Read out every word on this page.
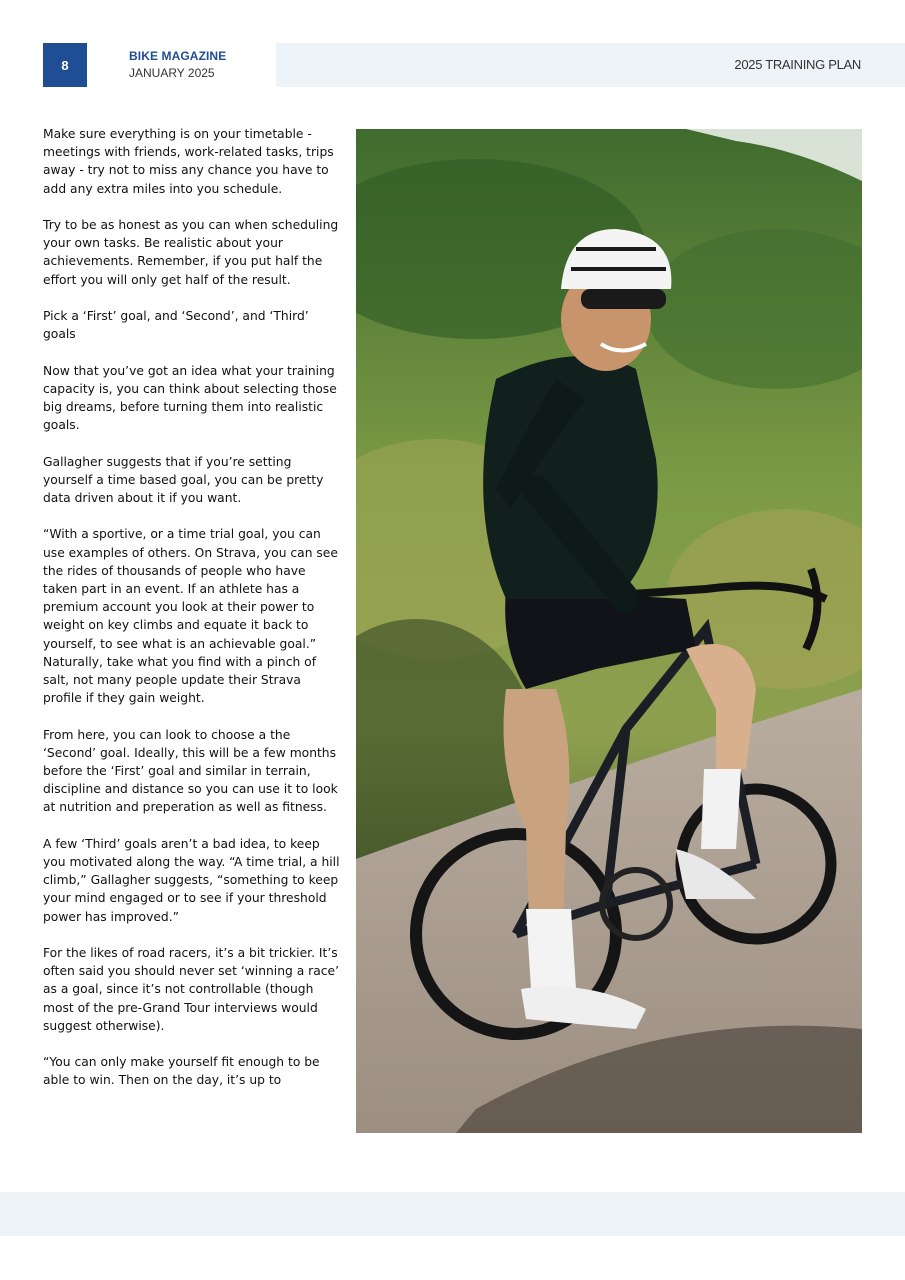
8
BIKE MAGAZINE
JANUARY 2025
2025 TRAINING PLAN

Make sure everything is on your timetable - meetings with friends, work-related tasks, trips away - try not to miss any chance you have to add any extra miles into you schedule.

Try to be as honest as you can when scheduling your own tasks. Be realistic about your achievements. Remember, if you put half the effort you will only get half of the result.

Pick a ‘First’ goal, and ‘Second’, and ‘Third’ goals

Now that you’ve got an idea what your training capacity is, you can think about selecting those big dreams, before turning them into realistic goals.

Gallagher suggests that if you’re setting yourself a time based goal, you can be pretty data driven about it if you want.

“With a sportive, or a time trial goal, you can use examples of others. On Strava, you can see the rides of thousands of people who have taken part in an event. If an athlete has a premium account you look at their power to weight on key climbs and equate it back to yourself, to see what is an achievable goal.” Naturally, take what you find with a pinch of salt, not many people update their Strava profile if they gain weight.

From here, you can look to choose a the ‘Second’ goal. Ideally, this will be a few months before the ‘First’ goal and similar in terrain, discipline and distance so you can use it to look at nutrition and preperation as well as fitness.

A few ‘Third’ goals aren’t a bad idea, to keep you motivated along the way. “A time trial, a hill climb,” Gallagher suggests, “something to keep your mind engaged or to see if your threshold power has improved.”

For the likes of road racers, it’s a bit trickier. It’s often said you should never set ‘winning a race’ as a goal, since it’s not controllable (though most of the pre-Grand Tour interviews would suggest otherwise).

“You can only make yourself fit enough to be able to win. Then on the day, it’s up to
